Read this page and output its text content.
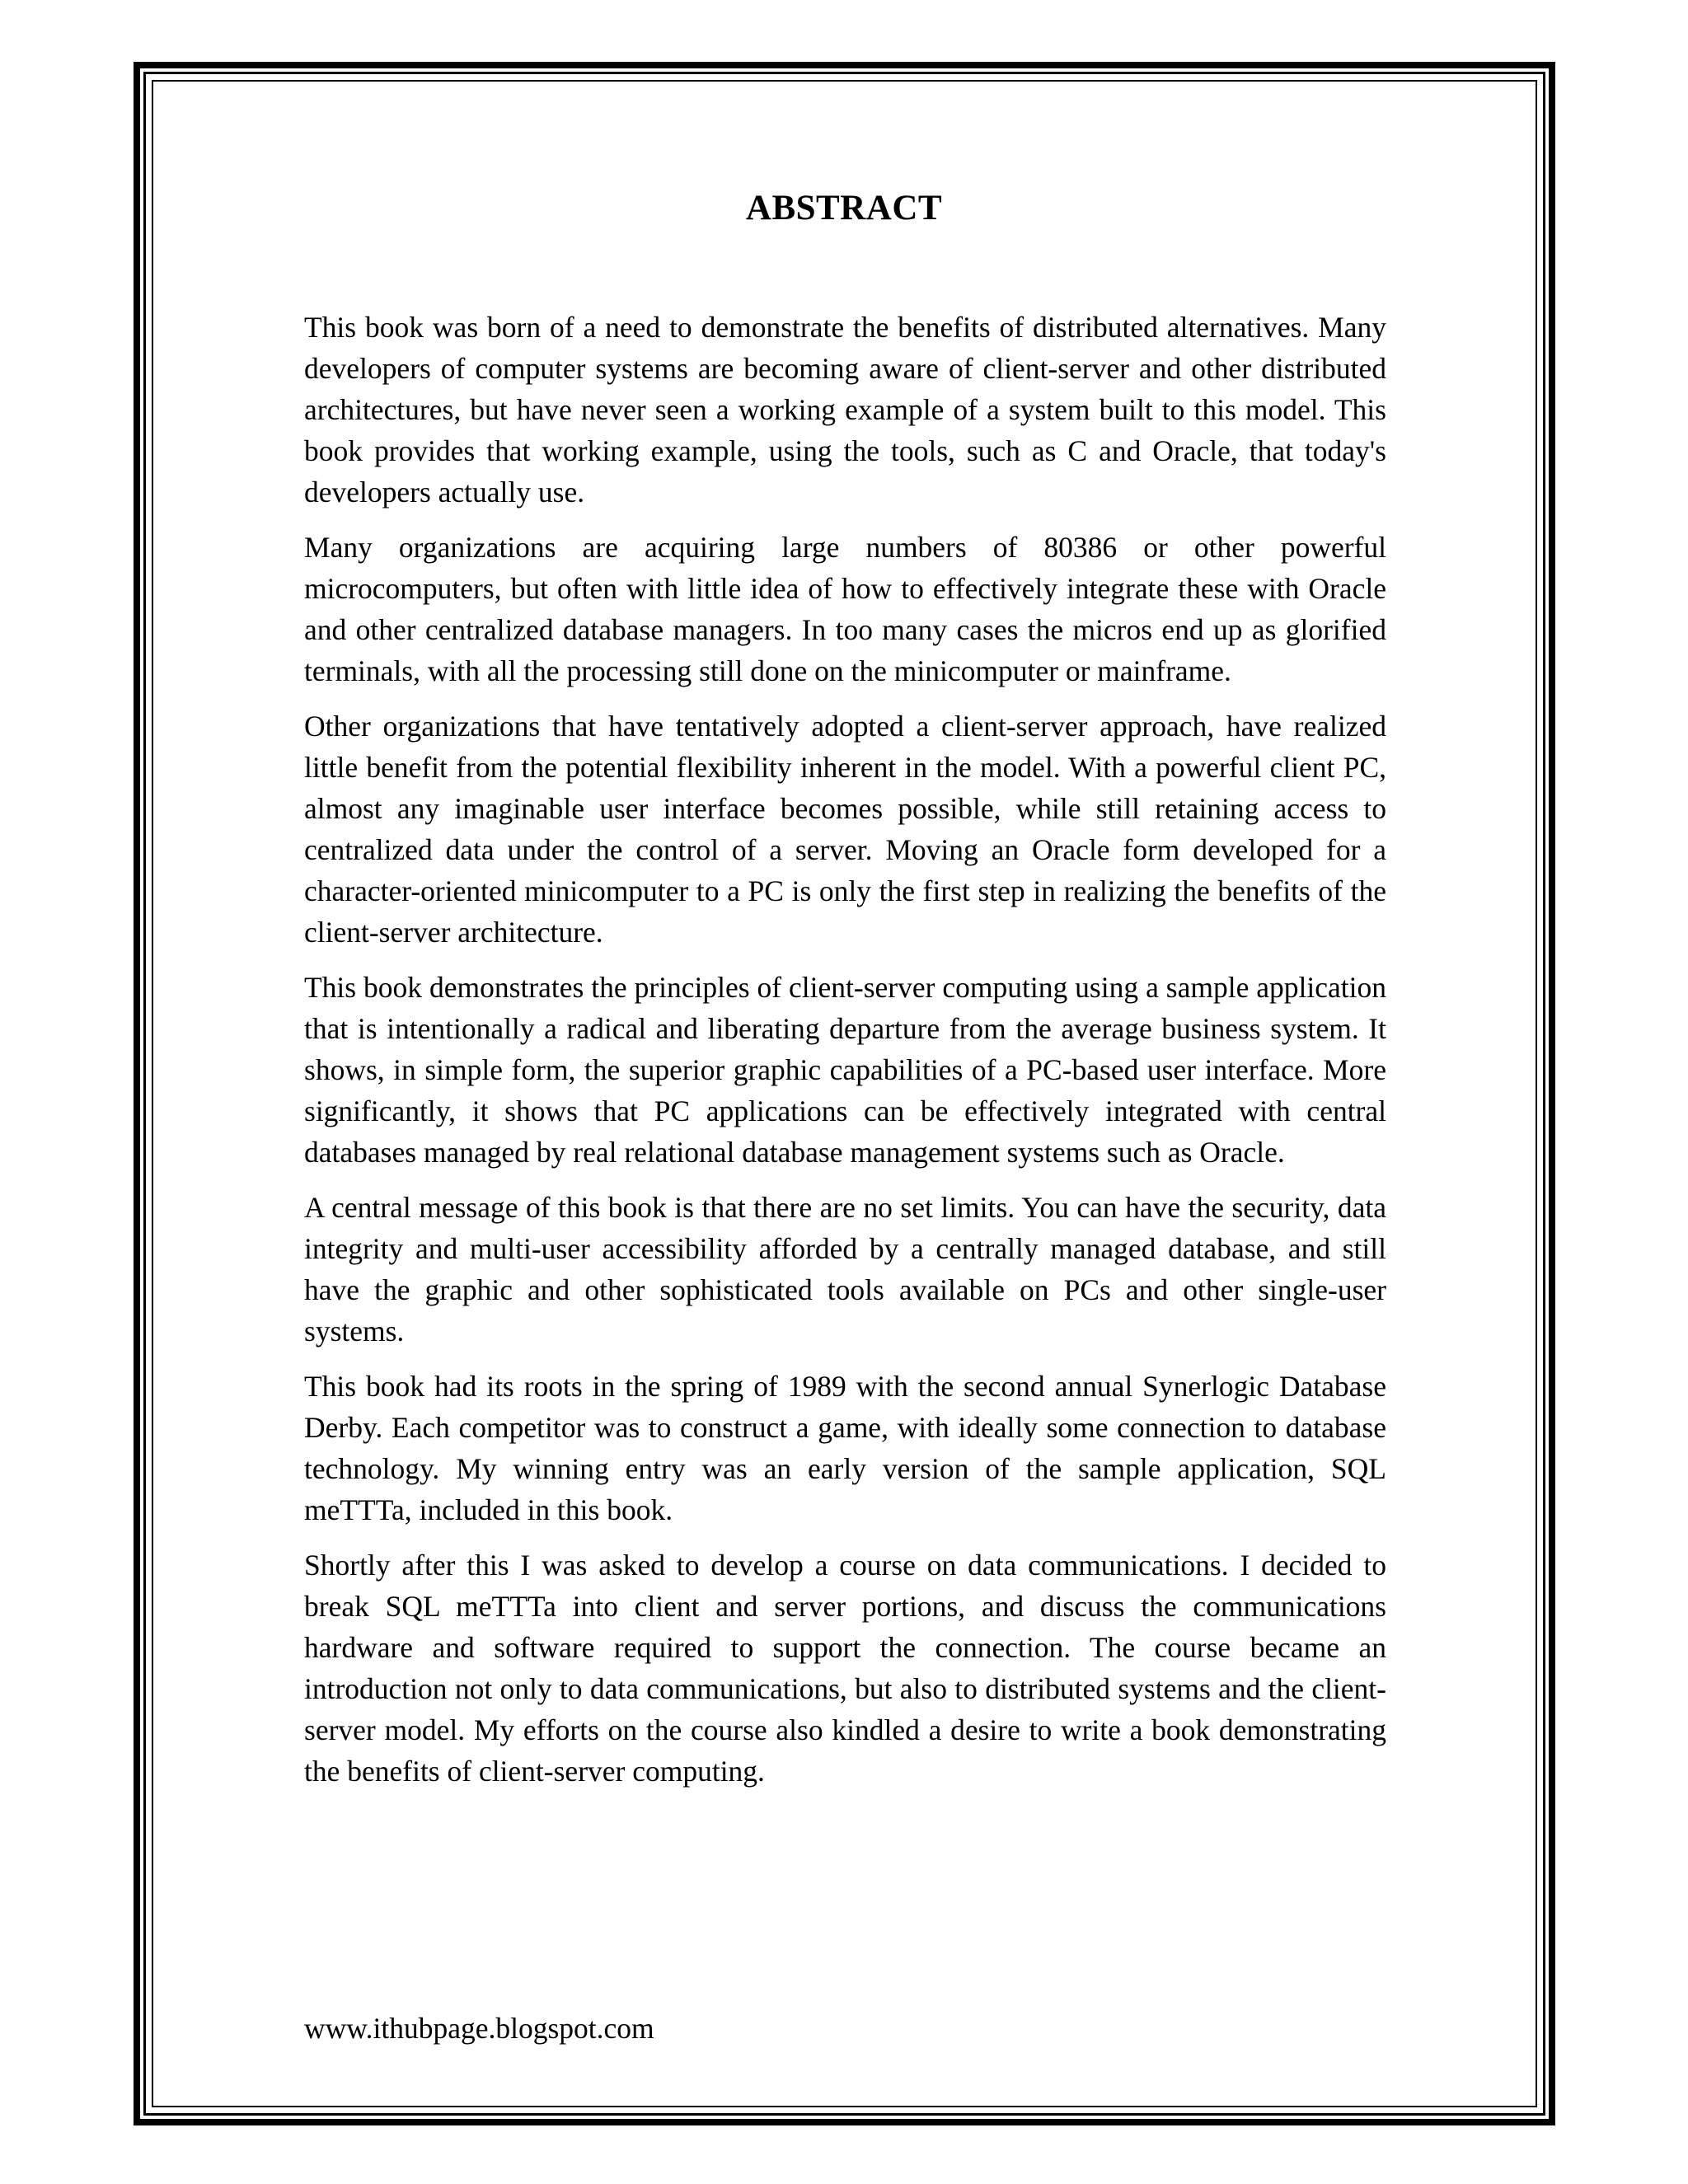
ABSTRACT

This book was born of a need to demonstrate the benefits of distributed alternatives. Many developers of computer systems are becoming aware of client-server and other distributed architectures, but have never seen a working example of a system built to this model. This book provides that working example, using the tools, such as C and Oracle, that today's developers actually use.

Many organizations are acquiring large numbers of 80386 or other powerful microcomputers, but often with little idea of how to effectively integrate these with Oracle and other centralized database managers. In too many cases the micros end up as glorified terminals, with all the processing still done on the minicomputer or mainframe.

Other organizations that have tentatively adopted a client-server approach, have realized little benefit from the potential flexibility inherent in the model. With a powerful client PC, almost any imaginable user interface becomes possible, while still retaining access to centralized data under the control of a server. Moving an Oracle form developed for a character-oriented minicomputer to a PC is only the first step in realizing the benefits of the client-server architecture.

This book demonstrates the principles of client-server computing using a sample application that is intentionally a radical and liberating departure from the average business system. It shows, in simple form, the superior graphic capabilities of a PC-based user interface. More significantly, it shows that PC applications can be effectively integrated with central databases managed by real relational database management systems such as Oracle.

A central message of this book is that there are no set limits. You can have the security, data integrity and multi-user accessibility afforded by a centrally managed database, and still have the graphic and other sophisticated tools available on PCs and other single-user systems.

This book had its roots in the spring of 1989 with the second annual Synerlogic Database Derby. Each competitor was to construct a game, with ideally some connection to database technology. My winning entry was an early version of the sample application, SQL meTTTa, included in this book.

Shortly after this I was asked to develop a course on data communications. I decided to break SQL meTTTa into client and server portions, and discuss the communications hardware and software required to support the connection. The course became an introduction not only to data communications, but also to distributed systems and the client-server model. My efforts on the course also kindled a desire to write a book demonstrating the benefits of client-server computing.

www.ithubpage.blogspot.com
